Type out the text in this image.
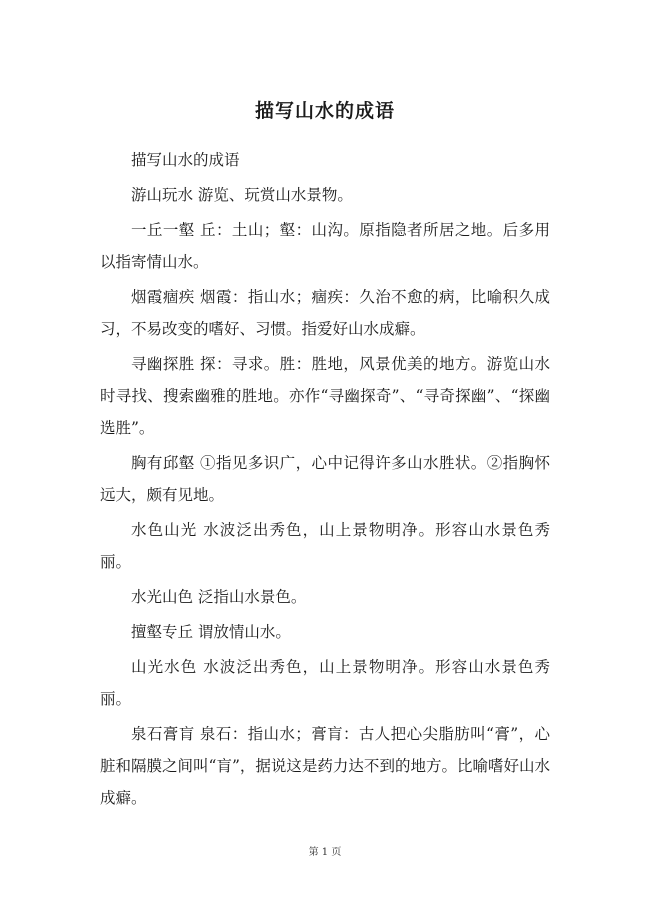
描写山水的成语

描写山水的成语

游山玩水 游览、玩赏山水景物。

一丘一壑 丘：土山；壑：山沟。原指隐者所居之地。后多用以指寄情山水。

烟霞痼疾 烟霞：指山水；痼疾：久治不愈的病，比喻积久成习，不易改变的嗜好、习惯。指爱好山水成癖。

寻幽探胜 探：寻求。胜：胜地，风景优美的地方。游览山水时寻找、搜索幽雅的胜地。亦作“寻幽探奇”、“寻奇探幽”、“探幽选胜”。

胸有邱壑 ①指见多识广，心中记得许多山水胜状。②指胸怀远大，颇有见地。

水色山光 水波泛出秀色，山上景物明净。形容山水景色秀丽。

水光山色 泛指山水景色。

擅壑专丘 谓放情山水。

山光水色 水波泛出秀色，山上景物明净。形容山水景色秀丽。

泉石膏肓 泉石：指山水；膏肓：古人把心尖脂肪叫“膏”，心脏和隔膜之间叫“肓”，据说这是药力达不到的地方。比喻嗜好山水成癖。

第 1 页
